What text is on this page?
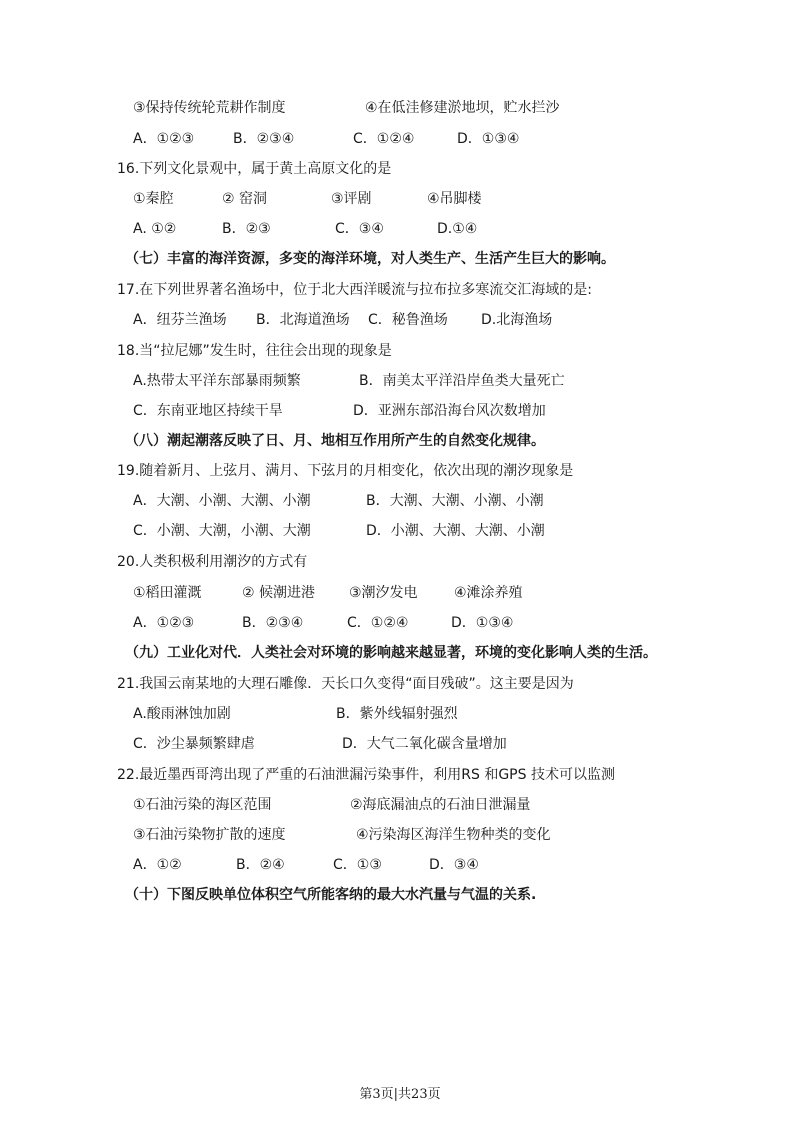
③保持传统轮荒耕作制度	④在低洼修建淤地坝，贮水拦沙
A．①②③	B．②③④	C．①②④	D．①③④
16.下列文化景观中，属于黄土高原文化的是
①秦腔	② 窑洞	③评剧	④吊脚楼
A. ①②	B．②③	C．③④	D.①④
（七）丰富的海洋资源，多变的海洋环境，对人类生产、生活产生巨大的影响。
17.在下列世界著名渔场中，位于北大西洋暖流与拉布拉多寒流交汇海域的是:
A．纽芬兰渔场 B．北海道渔场 C．秘鲁渔场 D.北海渔场
18.当“拉尼娜”发生时，往往会出现的现象是
A.热带太平洋东部暴雨频繁	B．南美太平洋沿岸鱼类大量死亡
C．东南亚地区持续干旱	D．亚洲东部沿海台风次数增加
（八）潮起潮落反映了日、月、地相互作用所产生的自然变化规律。
19.随着新月、上弦月、满月、下弦月的月相变化，依次出现的潮汐现象是
A．大潮、小潮、大潮、小潮	B．大潮、大潮、小潮、小潮
C．小潮、大潮，小潮、大潮	D．小潮、大潮、大潮、小潮
20.人类积极利用潮汐的方式有
①稻田灌溉	② 候潮进港 ③潮汐发电	④滩涂养殖
A．①②③	B．②③④	C．①②④	D．①③④
（九）工业化对代．人类社会对环境的影响越来越显著，环境的变化影响人类的生活。
21.我国云南某地的大理石雕像．天长口久变得“面目残破”。这主要是因为
A.酸雨淋蚀加剧	B．紫外线辐射强烈
C．沙尘暴频繁肆虐	D．大气二氧化碳含量增加
22.最近墨西哥湾出现了严重的石油泄漏污染事件，利用RS 和GPS 技术可以监测
①石油污染的海区范围	②海底漏油点的石油日泄漏量
③石油污染物扩散的速度	④污染海区海洋生物种类的变化
A．①②	B．②④	C．①③	D．③④
（十）下图反映单位体积空气所能客纳的最大水汽量与气温的关系.
第3页|共23页
